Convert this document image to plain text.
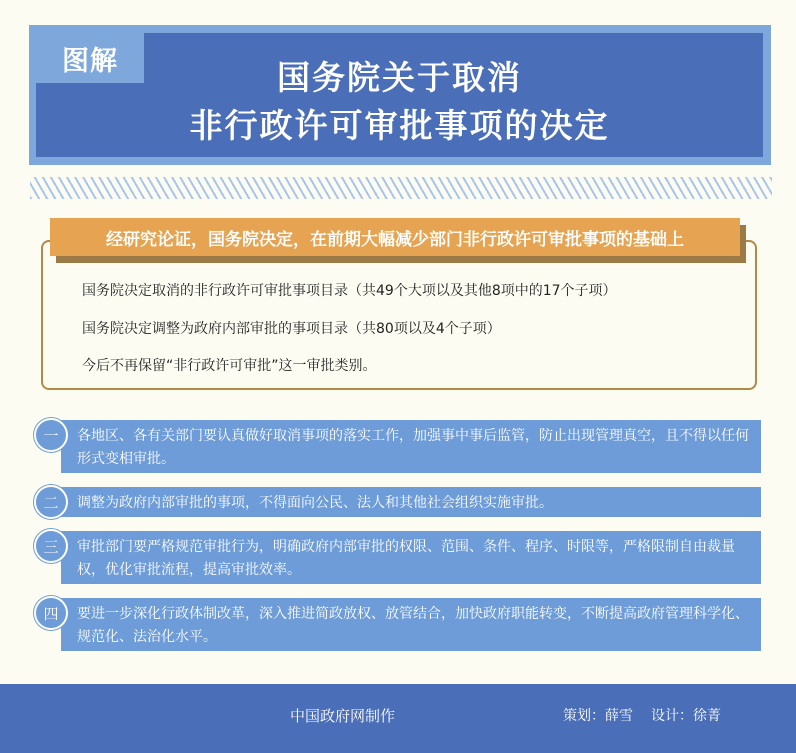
图解	国务院关于取消
非行政许可审批事项的决定
经研究论证，国务院决定，在前期大幅减少部门非行政许可审批事项的基础上
国务院决定取消的非行政许可审批事项目录（共49个大项以及其他8项中的17个子项）
国务院决定调整为政府内部审批的事项目录（共80项以及4个子项）
今后不再保留“非行政许可审批”这一审批类别。
各地区、各有关部门要认真做好取消事项的落实工作，加强事中事后监管，防止出现管理真空，且不得以任何形式变相审批。
一
调整为政府内部审批的事项，不得面向公民、法人和其他社会组织实施审批。
二
审批部门要严格规范审批行为，明确政府内部审批的权限、范围、条件、程序、时限等，严格限制自由裁量权，优化审批流程，提高审批效率。
三
要进一步深化行政体制改革，深入推进简政放权、放管结合，加快政府职能转变，不断提高政府管理科学化、规范化、法治化水平。
四
中国政府网制作	策划：薛雪 设计：徐菁
